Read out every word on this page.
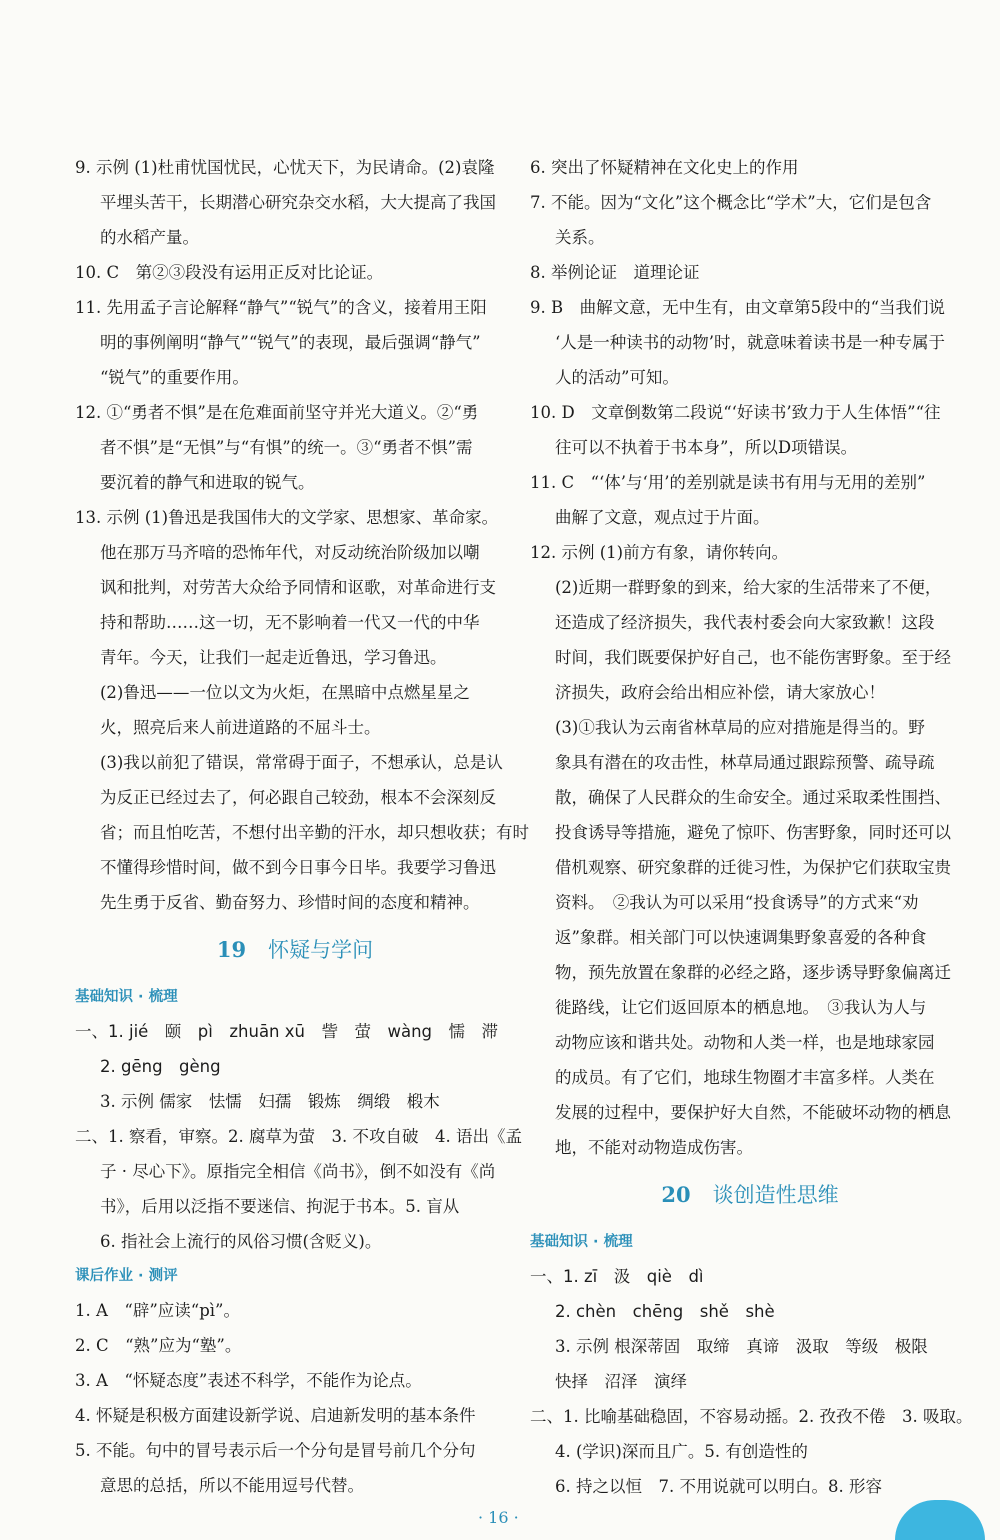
9. 示例 (1)杜甫忧国忧民，心忧天下，为民请命。(2)袁隆
平埋头苦干，长期潜心研究杂交水稻，大大提高了我国
的水稻产量。
10. C　第②③段没有运用正反对比论证。
11. 先用孟子言论解释“静气”“锐气”的含义，接着用王阳
明的事例阐明“静气”“锐气”的表现，最后强调“静气”
“锐气”的重要作用。
12. ①“勇者不惧”是在危难面前坚守并光大道义。②“勇
者不惧”是“无惧”与“有惧”的统一。③“勇者不惧”需
要沉着的静气和进取的锐气。
13. 示例 (1)鲁迅是我国伟大的文学家、思想家、革命家。
他在那万马齐喑的恐怖年代，对反动统治阶级加以嘲
讽和批判，对劳苦大众给予同情和讴歌，对革命进行支
持和帮助……这一切，无不影响着一代又一代的中华
青年。今天，让我们一起走近鲁迅，学习鲁迅。
(2)鲁迅——一位以文为火炬，在黑暗中点燃星星之
火，照亮后来人前进道路的不屈斗士。
(3)我以前犯了错误，常常碍于面子，不想承认，总是认
为反正已经过去了，何必跟自己较劲，根本不会深刻反
省；而且怕吃苦，不想付出辛勤的汗水，却只想收获；有时
不懂得珍惜时间，做不到今日事今日毕。我要学习鲁迅
先生勇于反省、勤奋努力、珍惜时间的态度和精神。
19 怀疑与学问
基础知识 · 梳理
一、1. jié　颐　pì　zhuān xū　訾　萤　wàng　懦　滞
2. gēng　gèng
3. 示例 儒家　怯懦　妇孺　锻炼　绸缎　椴木
二、1. 察看，审察。2. 腐草为萤　3. 不攻自破　4. 语出《孟
子 · 尽心下》。原指完全相信《尚书》，倒不如没有《尚
书》，后用以泛指不要迷信、拘泥于书本。5. 盲从
6. 指社会上流行的风俗习惯(含贬义)。
课后作业 · 测评
1. A　“辟”应读“pì”。
2. C　“熟”应为“塾”。
3. A　“怀疑态度”表述不科学，不能作为论点。
4. 怀疑是积极方面建设新学说、启迪新发明的基本条件
5. 不能。句中的冒号表示后一个分句是冒号前几个分句
意思的总括，所以不能用逗号代替。
6. 突出了怀疑精神在文化史上的作用
7. 不能。因为“文化”这个概念比“学术”大，它们是包含
关系。
8. 举例论证　道理论证
9. B　曲解文意，无中生有，由文章第5段中的“当我们说
‘人是一种读书的动物’时，就意味着读书是一种专属于
人的活动”可知。
10. D　文章倒数第二段说“‘好读书’致力于人生体悟”“往
往可以不执着于书本身”，所以D项错误。
11. C　“‘体’与‘用’的差别就是读书有用与无用的差别”
曲解了文意，观点过于片面。
12. 示例 (1)前方有象，请你转向。
(2)近期一群野象的到来，给大家的生活带来了不便，
还造成了经济损失，我代表村委会向大家致歉！这段
时间，我们既要保护好自己，也不能伤害野象。至于经
济损失，政府会给出相应补偿，请大家放心！
(3)①我认为云南省林草局的应对措施是得当的。野
象具有潜在的攻击性，林草局通过跟踪预警、疏导疏
散，确保了人民群众的生命安全。通过采取柔性围挡、
投食诱导等措施，避免了惊吓、伤害野象，同时还可以
借机观察、研究象群的迁徙习性，为保护它们获取宝贵
资料。　②我认为可以采用“投食诱导”的方式来“劝
返”象群。相关部门可以快速调集野象喜爱的各种食
物，预先放置在象群的必经之路，逐步诱导野象偏离迁
徙路线，让它们返回原本的栖息地。　③我认为人与
动物应该和谐共处。动物和人类一样，也是地球家园
的成员。有了它们，地球生物圈才丰富多样。人类在
发展的过程中，要保护好大自然，不能破坏动物的栖息
地，不能对动物造成伤害。
20 谈创造性思维
基础知识 · 梳理
一、1. zī　汲　qiè　dì
2. chèn　chēng　shě　shè
3. 示例 根深蒂固　取缔　真谛　汲取　等级　极限
快择　沼泽　演绎
二、1. 比喻基础稳固，不容易动摇。2. 孜孜不倦　3. 吸取。
4. (学识)深而且广。5. 有创造性的
6. 持之以恒　7. 不用说就可以明白。8. 形容
· 16 ·
